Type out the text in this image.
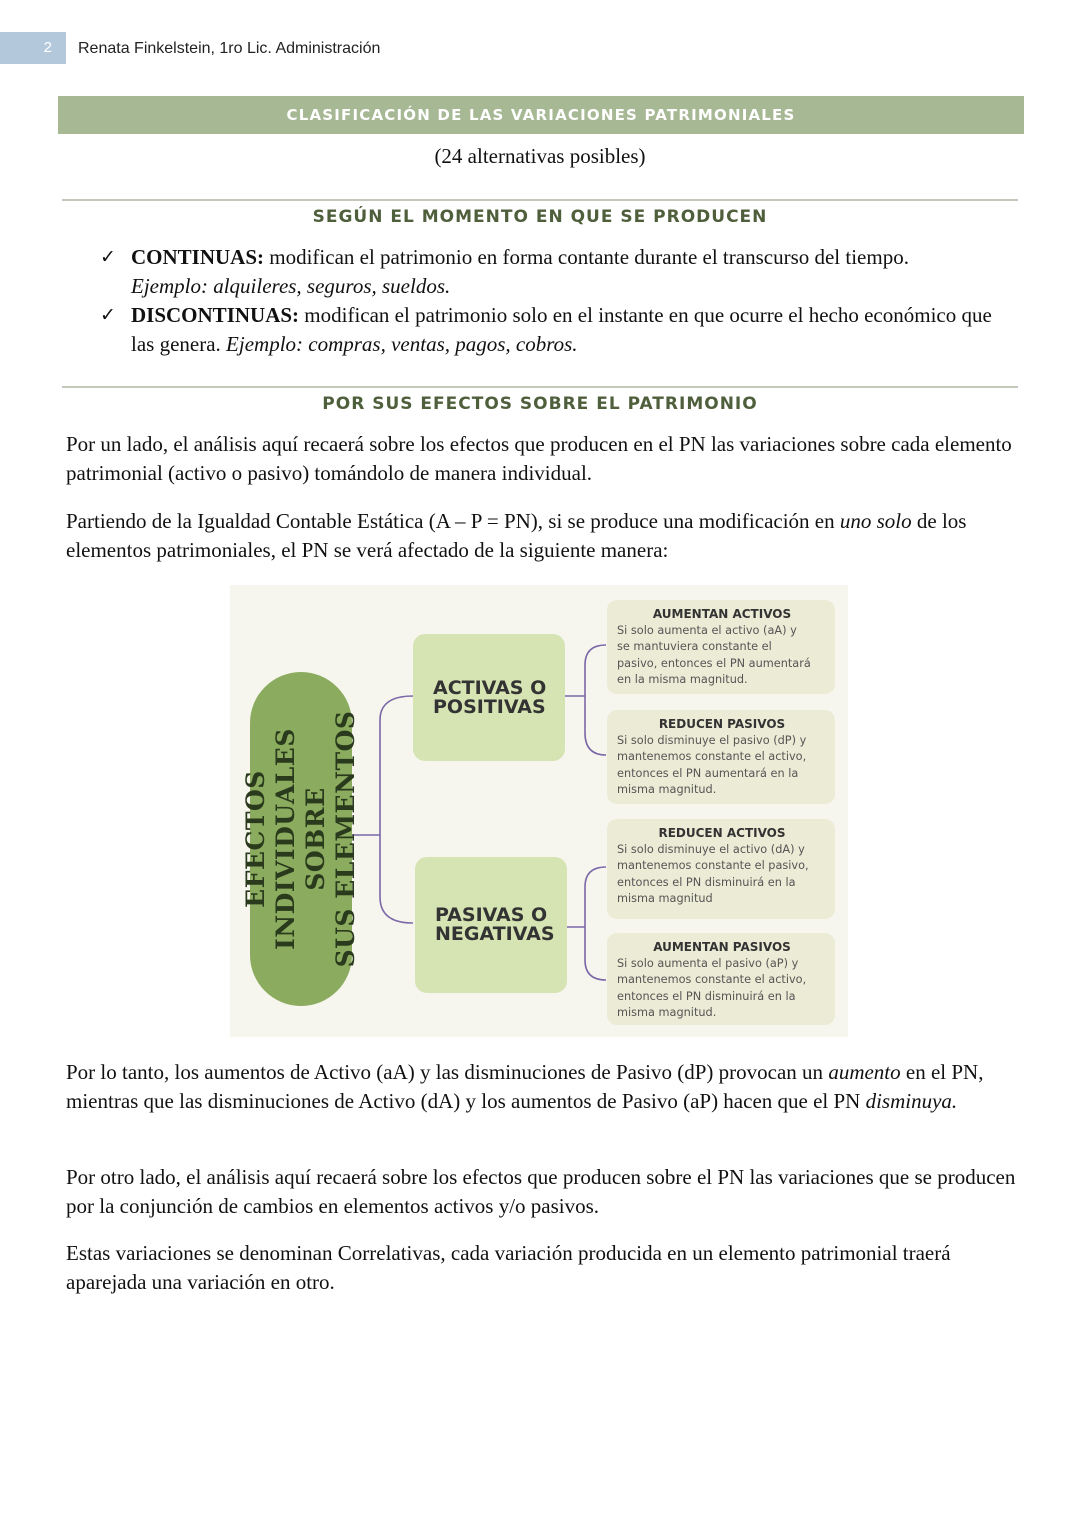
2	Renata Finkelstein, 1ro Lic. Administración
CLASIFICACIÓN DE LAS VARIACIONES PATRIMONIALES
(24 alternativas posibles)
SEGÚN EL MOMENTO EN QUE SE PRODUCEN
✓ CONTINUAS: modifican el patrimonio en forma contante durante el transcurso del tiempo.
Ejemplo: alquileres, seguros, sueldos.
✓ DISCONTINUAS: modifican el patrimonio solo en el instante en que ocurre el hecho económico que las genera. Ejemplo: compras, ventas, pagos, cobros.
POR SUS EFECTOS SOBRE EL PATRIMONIO
Por un lado, el análisis aquí recaerá sobre los efectos que producen en el PN las variaciones sobre cada elemento patrimonial (activo o pasivo) tomándolo de manera individual.
Partiendo de la Igualdad Contable Estática (A – P = PN), si se produce una modificación en uno solo de los elementos patrimoniales, el PN se verá afectado de la siguiente manera:
EFECTOS INDIVIDUALES SOBRE SUS ELEMENTOS
ACTIVAS O
POSITIVAS
PASIVAS O
NEGATIVAS
AUMENTAN ACTIVOS
Si solo aumenta el activo (aA) y
se mantuviera constante el
pasivo, entonces el PN aumentará
en la misma magnitud.
REDUCEN PASIVOS
Si solo disminuye el pasivo (dP) y
mantenemos constante el activo,
entonces el PN aumentará en la
misma magnitud.
REDUCEN ACTIVOS
Si solo disminuye el activo (dA) y
mantenemos constante el pasivo,
entonces el PN disminuirá en la
misma magnitud
AUMENTAN PASIVOS
Si solo aumenta el pasivo (aP) y
mantenemos constante el activo,
entonces el PN disminuirá en la
misma magnitud.
Por lo tanto, los aumentos de Activo (aA) y las disminuciones de Pasivo (dP) provocan un aumento en el PN, mientras que las disminuciones de Activo (dA) y los aumentos de Pasivo (aP) hacen que el PN disminuya.
Por otro lado, el análisis aquí recaerá sobre los efectos que producen sobre el PN las variaciones que se producen por la conjunción de cambios en elementos activos y/o pasivos.
Estas variaciones se denominan Correlativas, cada variación producida en un elemento patrimonial traerá aparejada una variación en otro.
